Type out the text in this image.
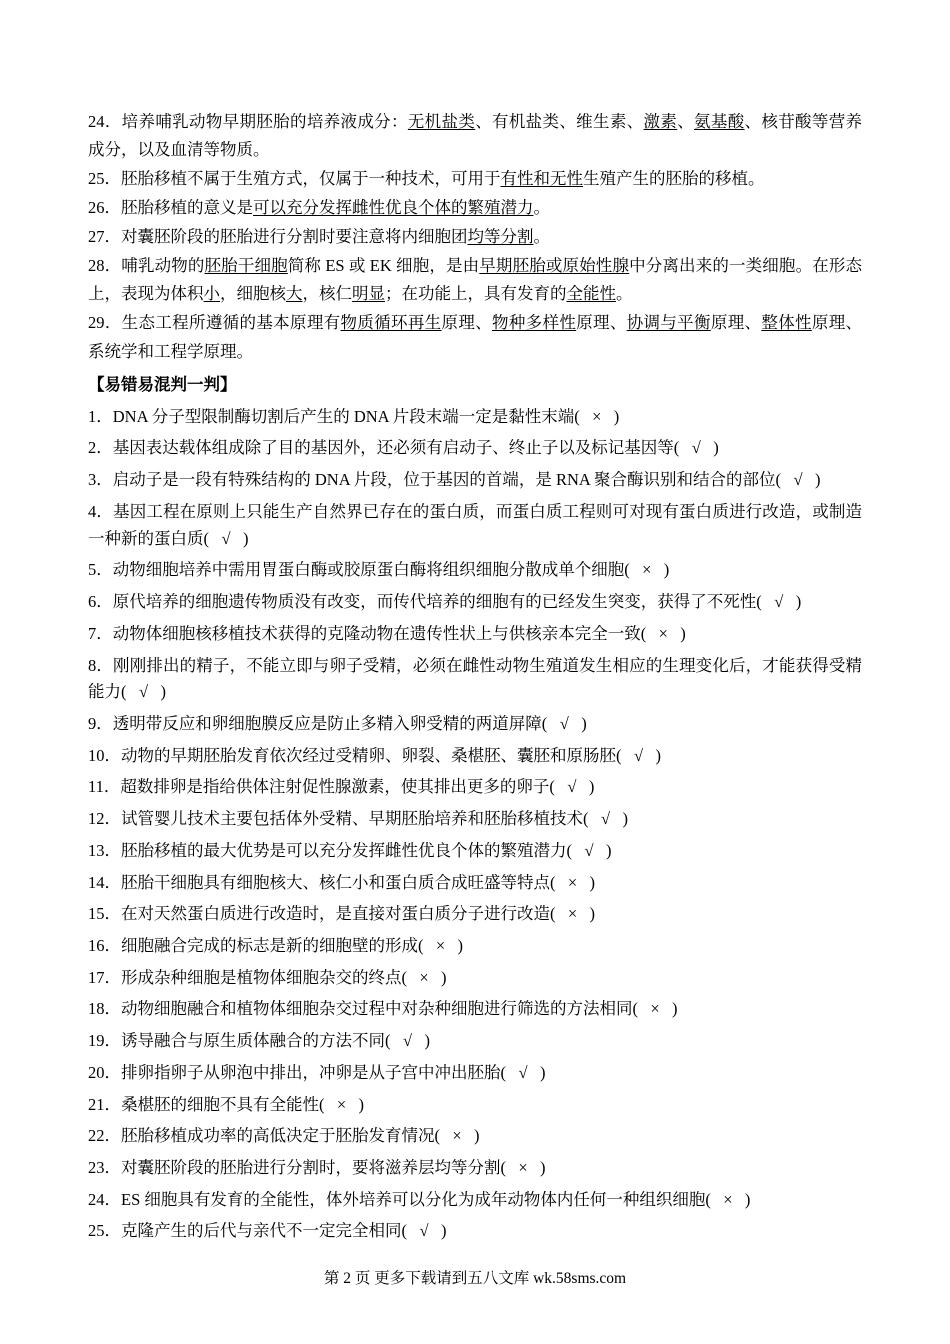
24．培养哺乳动物早期胚胎的培养液成分：无机盐类、有机盐类、维生素、激素、氨基酸、核苷酸等营养成分，以及血清等物质。
25．胚胎移植不属于生殖方式，仅属于一种技术，可用于有性和无性生殖产生的胚胎的移植。
26．胚胎移植的意义是可以充分发挥雌性优良个体的繁殖潜力。
27．对囊胚阶段的胚胎进行分割时要注意将内细胞团均等分割。
28．哺乳动物的胚胎干细胞简称 ES 或 EK 细胞，是由早期胚胎或原始性腺中分离出来的一类细胞。在形态上，表现为体积小，细胞核大，核仁明显；在功能上，具有发育的全能性。
29．生态工程所遵循的基本原理有物质循环再生原理、物种多样性原理、协调与平衡原理、整体性原理、系统学和工程学原理。
【易错易混判一判】
1．DNA 分子型限制酶切割后产生的 DNA 片段末端一定是黏性末端( × )
2．基因表达载体组成除了目的基因外，还必须有启动子、终止子以及标记基因等( √ )
3．启动子是一段有特殊结构的 DNA 片段，位于基因的首端，是 RNA 聚合酶识别和结合的部位( √ )
4．基因工程在原则上只能生产自然界已存在的蛋白质，而蛋白质工程则可对现有蛋白质进行改造，或制造一种新的蛋白质( √ )
5．动物细胞培养中需用胃蛋白酶或胶原蛋白酶将组织细胞分散成单个细胞( × )
6．原代培养的细胞遗传物质没有改变，而传代培养的细胞有的已经发生突变，获得了不死性( √ )
7．动物体细胞核移植技术获得的克隆动物在遗传性状上与供核亲本完全一致( × )
8．刚刚排出的精子，不能立即与卵子受精，必须在雌性动物生殖道发生相应的生理变化后，才能获得受精能力( √ )
9．透明带反应和卵细胞膜反应是防止多精入卵受精的两道屏障( √ )
10．动物的早期胚胎发育依次经过受精卵、卵裂、桑椹胚、囊胚和原肠胚( √ )
11．超数排卵是指给供体注射促性腺激素，使其排出更多的卵子( √ )
12．试管婴儿技术主要包括体外受精、早期胚胎培养和胚胎移植技术( √ )
13．胚胎移植的最大优势是可以充分发挥雌性优良个体的繁殖潜力( √ )
14．胚胎干细胞具有细胞核大、核仁小和蛋白质合成旺盛等特点( × )
15．在对天然蛋白质进行改造时，是直接对蛋白质分子进行改造( × )
16．细胞融合完成的标志是新的细胞壁的形成( × )
17．形成杂种细胞是植物体细胞杂交的终点( × )
18．动物细胞融合和植物体细胞杂交过程中对杂种细胞进行筛选的方法相同( × )
19．诱导融合与原生质体融合的方法不同( √ )
20．排卵指卵子从卵泡中排出，冲卵是从子宫中冲出胚胎( √ )
21．桑椹胚的细胞不具有全能性( × )
22．胚胎移植成功率的高低决定于胚胎发育情况( × )
23．对囊胚阶段的胚胎进行分割时，要将滋养层均等分割( × )
24．ES 细胞具有发育的全能性，体外培养可以分化为成年动物体内任何一种组织细胞( × )
25．克隆产生的后代与亲代不一定完全相同( √ )
第 2 页 更多下载请到五八文库 wk.58sms.com
